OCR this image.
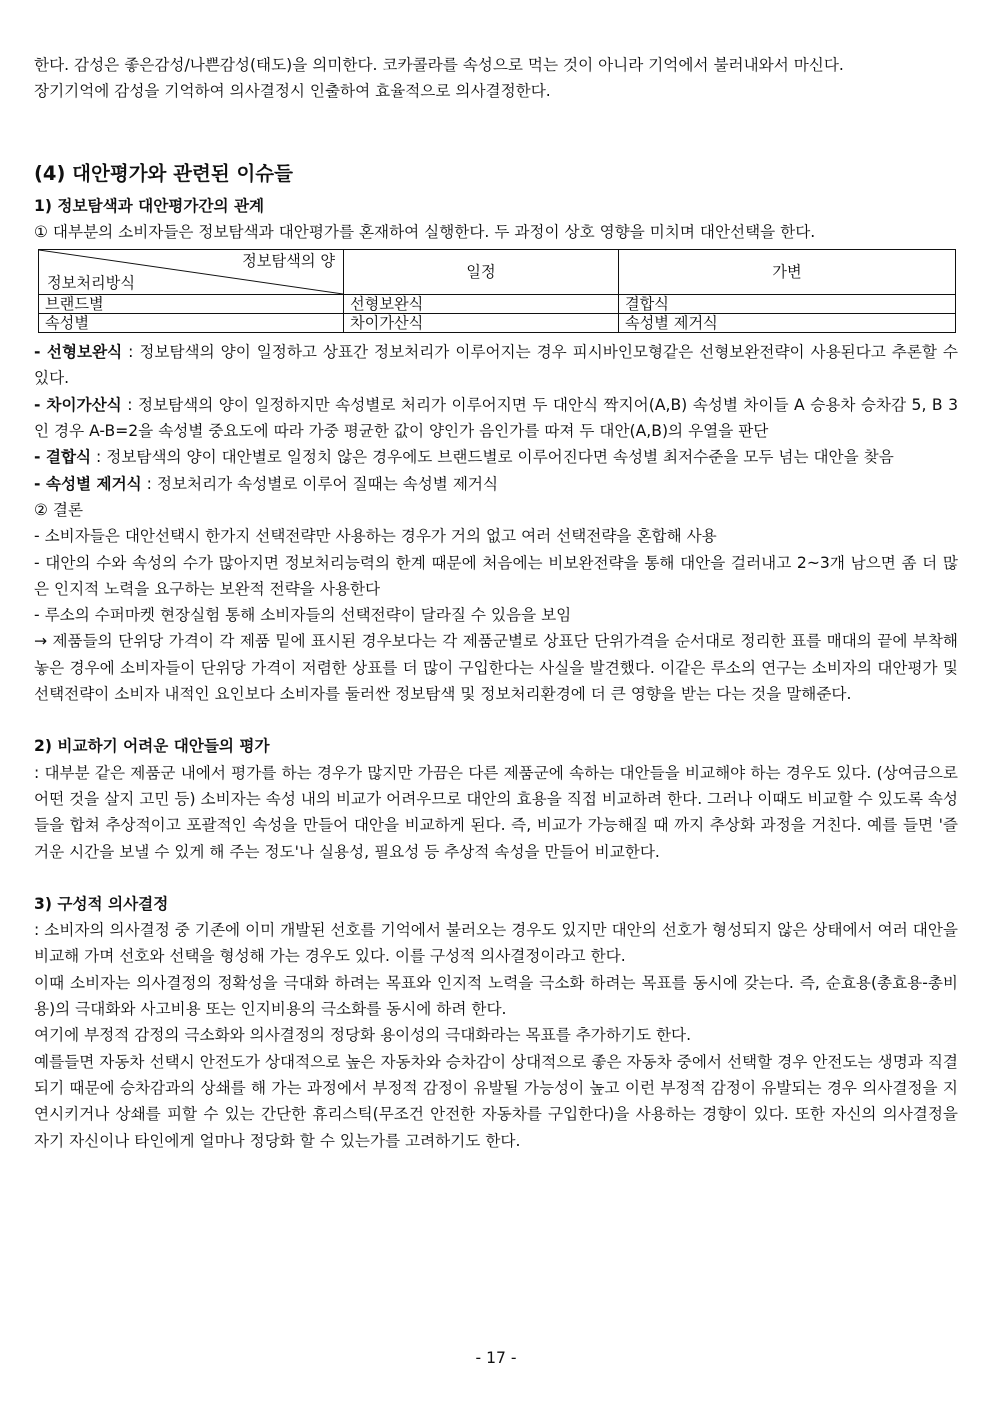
한다. 감성은 좋은감성/나쁜감성(태도)을 의미한다. 코카콜라를 속성으로 먹는 것이 아니라 기억에서 불러내와서 마신다.

장기기억에 감성을 기억하여 의사결정시 인출하여 효율적으로 의사결정한다.

(4) 대안평가와 관련된 이슈들
1) 정보탐색과 대안평가간의 관계

① 대부분의 소비자들은 정보탐색과 대안평가를 혼재하여 실행한다. 두 과정이 상호 영향을 미치며 대안선택을 한다.

정보탐색의 양
정보처리방식	일정	가변
브랜드별	선형보완식	결합식
속성별	차이가산식	속성별 제거식

- 선형보완식 : 정보탐색의 양이 일정하고 상표간 정보처리가 이루어지는 경우 피시바인모형같은 선형보완전략이 사용된다고 추론할 수있다.

- 차이가산식 : 정보탐색의 양이 일정하지만 속성별로 처리가 이루어지면 두 대안식 짝지어(A,B) 속성별 차이들 A 승용차 승차감 5, B 3인 경우 A-B=2을 속성별 중요도에 따라 가중 평균한 값이 양인가 음인가를 따져 두 대안(A,B)의 우열을 판단

- 결합식 : 정보탐색의 양이 대안별로 일정치 않은 경우에도 브랜드별로 이루어진다면 속성별 최저수준을 모두 넘는 대안을 찾음

- 속성별 제거식 : 정보처리가 속성별로 이루어 질때는 속성별 제거식

② 결론

- 소비자들은 대안선택시 한가지 선택전략만 사용하는 경우가 거의 없고 여러 선택전략을 혼합해 사용

- 대안의 수와 속성의 수가 많아지면 정보처리능력의 한계 때문에 처음에는 비보완전략을 통해 대안을 걸러내고 2~3개 남으면 좀 더 많은 인지적 노력을 요구하는 보완적 전략을 사용한다

- 루소의 수퍼마켓 현장실험 통해 소비자들의 선택전략이 달라질 수 있음을 보임

→ 제품들의 단위당 가격이 각 제품 밑에 표시된 경우보다는 각 제품군별로 상표단 단위가격을 순서대로 정리한 표를 매대의 끝에 부착해 놓은 경우에 소비자들이 단위당 가격이 저렴한 상표를 더 많이 구입한다는 사실을 발견했다. 이같은 루소의 연구는 소비자의 대안평가 및 선택전략이 소비자 내적인 요인보다 소비자를 둘러싼 정보탐색 및 정보처리환경에 더 큰 영향을 받는 다는 것을 말해준다.

2) 비교하기 어려운 대안들의 평가

: 대부분 같은 제품군 내에서 평가를 하는 경우가 많지만 가끔은 다른 제품군에 속하는 대안들을 비교해야 하는 경우도 있다. (상여금으로 어떤 것을 살지 고민 등) 소비자는 속성 내의 비교가 어려우므로 대안의 효용을 직접 비교하려 한다. 그러나 이때도 비교할 수 있도록 속성들을 합쳐 추상적이고 포괄적인 속성을 만들어 대안을 비교하게 된다. 즉, 비교가 가능해질 때 까지 추상화 과정을 거친다. 예를 들면 '즐거운 시간을 보낼 수 있게 해 주는 정도'나 실용성, 필요성 등 추상적 속성을 만들어 비교한다.

3) 구성적 의사결정

: 소비자의 의사결정 중 기존에 이미 개발된 선호를 기억에서 불러오는 경우도 있지만 대안의 선호가 형성되지 않은 상태에서 여러 대안을 비교해 가며 선호와 선택을 형성해 가는 경우도 있다. 이를 구성적 의사결정이라고 한다.

이때 소비자는 의사결정의 정확성을 극대화 하려는 목표와 인지적 노력을 극소화 하려는 목표를 동시에 갖는다. 즉, 순효용(총효용-총비용)의 극대화와 사고비용 또는 인지비용의 극소화를 동시에 하려 한다.

여기에 부정적 감정의 극소화와 의사결정의 정당화 용이성의 극대화라는 목표를 추가하기도 한다.

예를들면 자동차 선택시 안전도가 상대적으로 높은 자동차와 승차감이 상대적으로 좋은 자동차 중에서 선택할 경우 안전도는 생명과 직결되기 때문에 승차감과의 상쇄를 해 가는 과정에서 부정적 감정이 유발될 가능성이 높고 이런 부정적 감정이 유발되는 경우 의사결정을 지연시키거나 상쇄를 피할 수 있는 간단한 휴리스틱(무조건 안전한 자동차를 구입한다)을 사용하는 경향이 있다. 또한 자신의 의사결정을 자기 자신이나 타인에게 얼마나 정당화 할 수 있는가를 고려하기도 한다.

- 17 -
